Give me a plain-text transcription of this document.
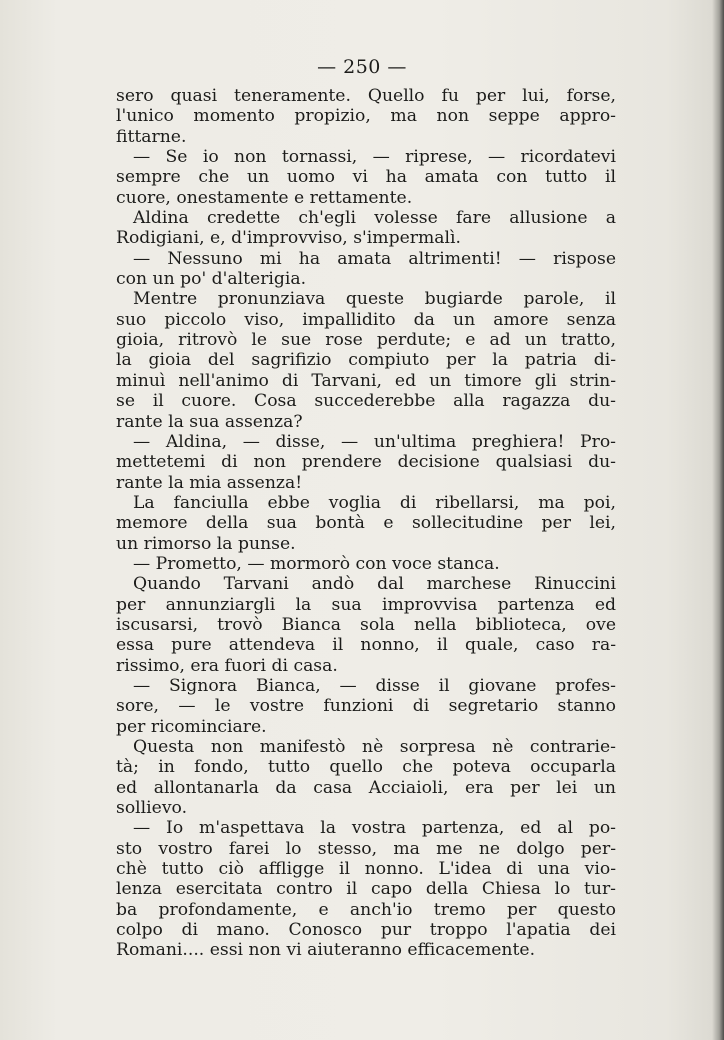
— 250 —
sero quasi teneramente. Quello fu per lui, forse,
l'unico momento propizio, ma non seppe appro-
fittarne.
— Se io non tornassi, — riprese, — ricordatevi
sempre che un uomo vi ha amata con tutto il
cuore, onestamente e rettamente.
Aldina credette ch'egli volesse fare allusione a
Rodigiani, e, d'improvviso, s'impermalì.
— Nessuno mi ha amata altrimenti! — rispose
con un po' d'alterigia.
Mentre pronunziava queste bugiarde parole, il
suo piccolo viso, impallidito da un amore senza
gioia, ritrovò le sue rose perdute; e ad un tratto,
la gioia del sagrifizio compiuto per la patria di-
minuì nell'animo di Tarvani, ed un timore gli strin-
se il cuore. Cosa succederebbe alla ragazza du-
rante la sua assenza?
— Aldina, — disse, — un'ultima preghiera! Pro-
mettetemi di non prendere decisione qualsiasi du-
rante la mia assenza!
La fanciulla ebbe voglia di ribellarsi, ma poi,
memore della sua bontà e sollecitudine per lei,
un rimorso la punse.
— Prometto, — mormorò con voce stanca.
Quando Tarvani andò dal marchese Rinuccini
per annunziargli la sua improvvisa partenza ed
iscusarsi, trovò Bianca sola nella biblioteca, ove
essa pure attendeva il nonno, il quale, caso ra-
rissimo, era fuori di casa.
— Signora Bianca, — disse il giovane profes-
sore, — le vostre funzioni di segretario stanno
per ricominciare.
Questa non manifestò nè sorpresa nè contrarie-
tà; in fondo, tutto quello che poteva occuparla
ed allontanarla da casa Acciaioli, era per lei un
sollievo.
— Io m'aspettava la vostra partenza, ed al po-
sto vostro farei lo stesso, ma me ne dolgo per-
chè tutto ciò affligge il nonno. L'idea di una vio-
lenza esercitata contro il capo della Chiesa lo tur-
ba profondamente, e anch'io tremo per questo
colpo di mano. Conosco pur troppo l'apatia dei
Romani.... essi non vi aiuteranno efficacemente.
